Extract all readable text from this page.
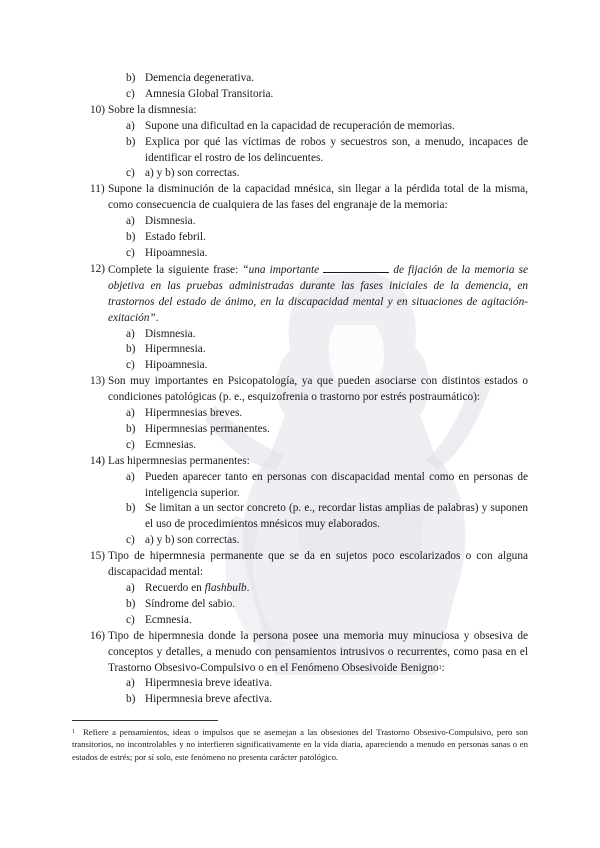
b) Demencia degenerativa.
c) Amnesia Global Transitoria.
10) Sobre la dismnesia:
a) Supone una dificultad en la capacidad de recuperación de memorias.
b) Explica por qué las víctimas de robos y secuestros son, a menudo, incapaces de identificar el rostro de los delincuentes.
c) a) y b) son correctas.
11) Supone la disminución de la capacidad mnésica, sin llegar a la pérdida total de la misma, como consecuencia de cualquiera de las fases del engranaje de la memoria:
a) Dismnesia.
b) Estado febril.
c) Hipoamnesia.
12) Complete la siguiente frase: “una importante	de fijación de la memoria se objetiva en las pruebas administradas durante las fases iniciales de la demencia, en trastornos del estado de ánimo, en la discapacidad mental y en situaciones de agitación-exitación”.
a) Dismnesia.
b) Hipermnesia.
c) Hipoamnesia.
13) Son muy importantes en Psicopatología, ya que pueden asociarse con distintos estados o condiciones patológicas (p. e., esquizofrenia o trastorno por estrés postraumático):
a) Hipermnesias breves.
b) Hipermnesias permanentes.
c) Ecmnesias.
14) Las hipermnesias permanentes:
a) Pueden aparecer tanto en personas con discapacidad mental como en personas de inteligencia superior.
b) Se limitan a un sector concreto (p. e., recordar listas amplias de palabras) y suponen el uso de procedimientos mnésicos muy elaborados.
c) a) y b) son correctas.
15) Tipo de hipermnesia permanente que se da en sujetos poco escolarizados o con alguna discapacidad mental:
a) Recuerdo en flashbulb.
b) Síndrome del sabio.
c) Ecmnesia.
16) Tipo de hipermnesia donde la persona posee una memoria muy minuciosa y obsesiva de conceptos y detalles, a menudo con pensamientos intrusivos o recurrentes, como pasa en el Trastorno Obsesivo-Compulsivo o en el Fenómeno Obsesivoide Benigno$^1$:
a) Hipermnesia breve ideativa.
b) Hipermnesia breve afectiva.
$^1$ Refiere a pensamientos, ideas o impulsos que se asemejan a las obsesiones del Trastorno Obsesivo-Compulsivo, pero son transitorios, no incontrolables y no interfieren significativamente en la vida diaria, apareciendo a menudo en personas sanas o en estados de estrés; por sí solo, este fenómeno no presenta carácter patológico.
